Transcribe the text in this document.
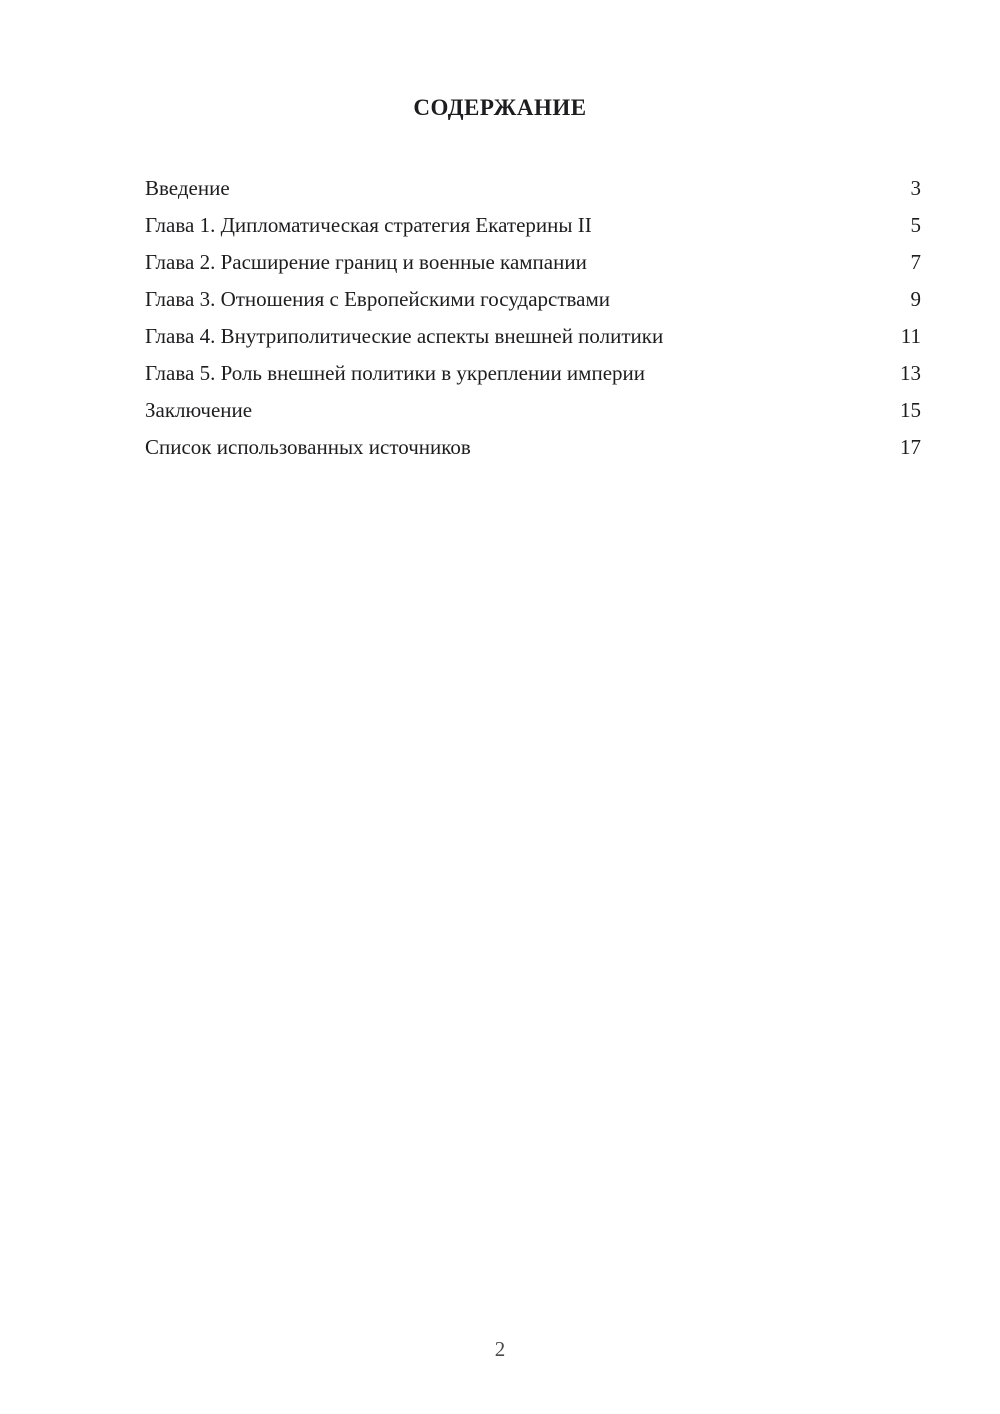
СОДЕРЖАНИЕ
Введение	3
Глава 1. Дипломатическая стратегия Екатерины II	5
Глава 2. Расширение границ и военные кампании	7
Глава 3. Отношения с Европейскими государствами	9
Глава 4. Внутриполитические аспекты внешней политики	11
Глава 5. Роль внешней политики в укреплении империи	13
Заключение	15
Список использованных источников	17
2
